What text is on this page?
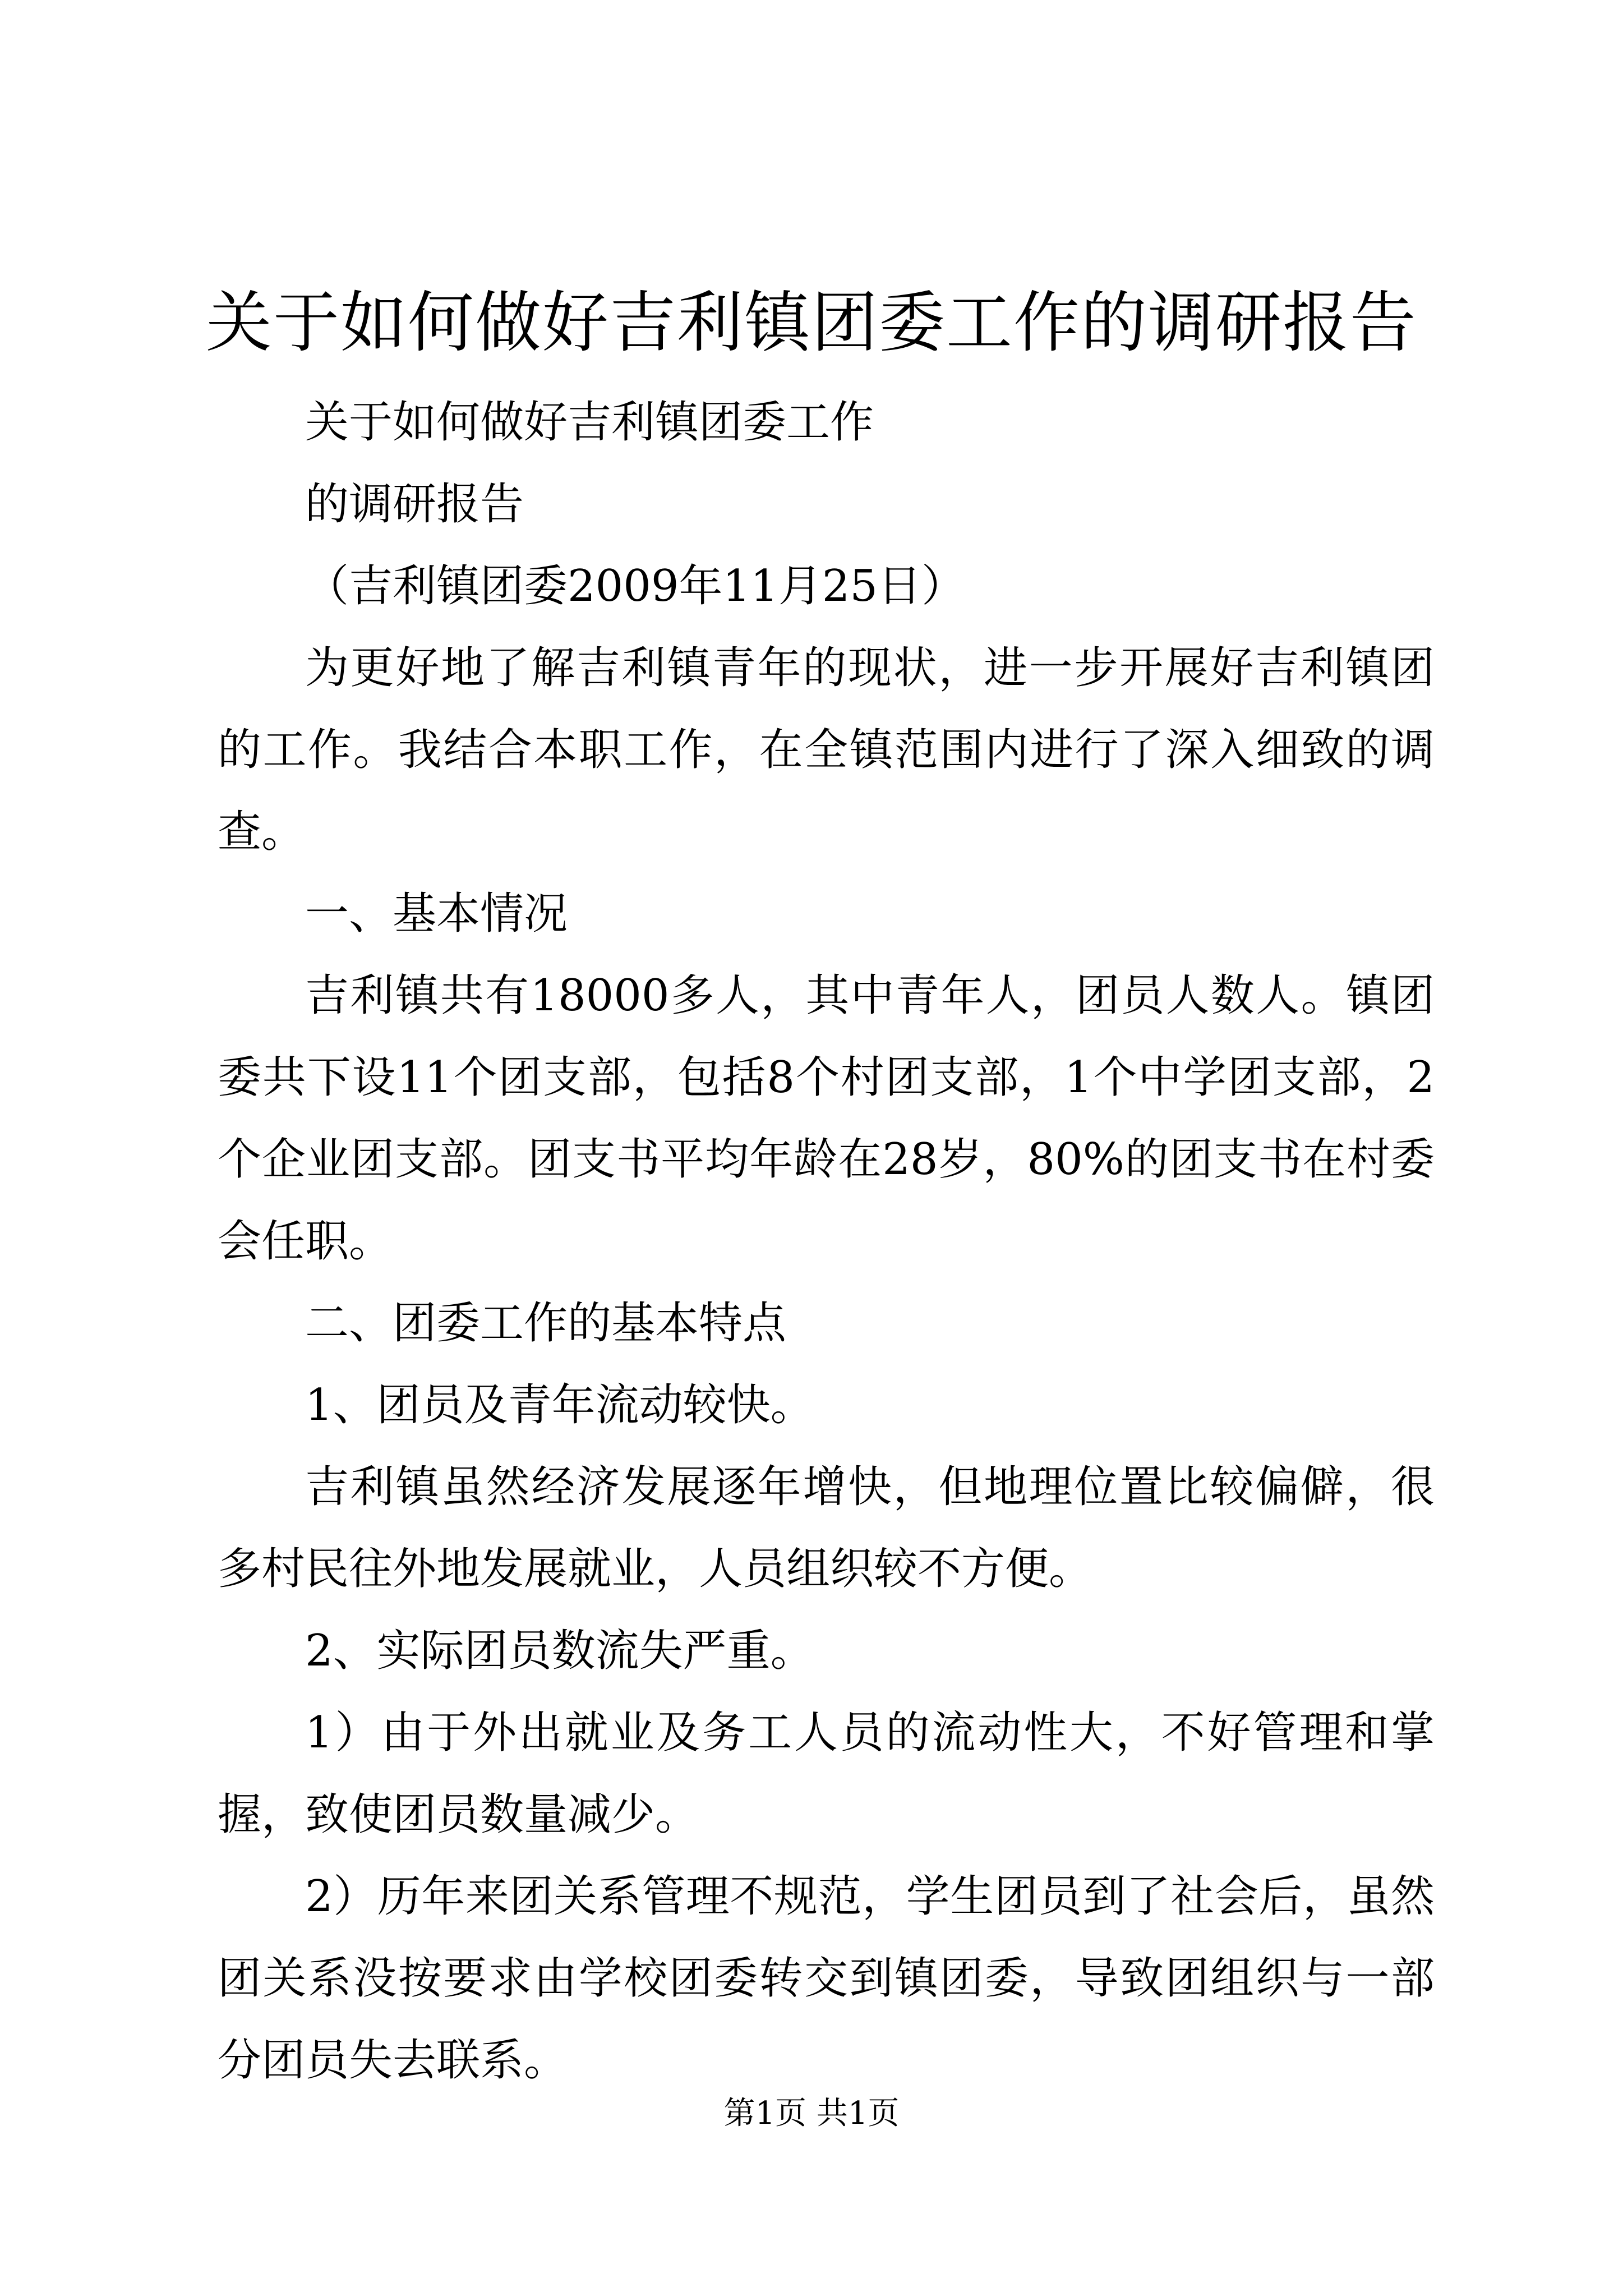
关于如何做好吉利镇团委工作的调研报告

关于如何做好吉利镇团委工作

的调研报告

（吉利镇团委2009年11月25日）

为更好地了解吉利镇青年的现状，进一步开展好吉利镇团的工作。我结合本职工作，在全镇范围内进行了深入细致的调查。

一、基本情况

吉利镇共有18000多人，其中青年人，团员人数人。镇团委共下设11个团支部，包括8个村团支部，1个中学团支部，2个企业团支部。团支书平均年龄在28岁，80%的团支书在村委会任职。

二、团委工作的基本特点

1、团员及青年流动较快。

吉利镇虽然经济发展逐年增快，但地理位置比较偏僻，很多村民往外地发展就业，人员组织较不方便。

2、实际团员数流失严重。

1）由于外出就业及务工人员的流动性大，不好管理和掌握，致使团员数量减少。

2）历年来团关系管理不规范，学生团员到了社会后，虽然团关系没按要求由学校团委转交到镇团委，导致团组织与一部分团员失去联系。

第1页 共1页
